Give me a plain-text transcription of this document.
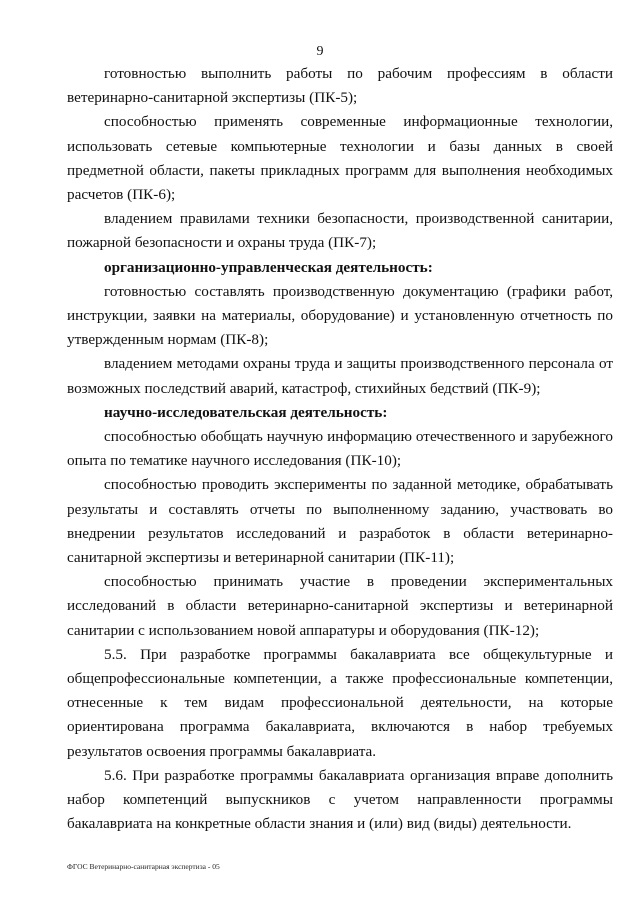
9

готовностью выполнить работы по рабочим профессиям в области ветеринарно-санитарной экспертизы (ПК-5);

способностью применять современные информационные технологии, использовать сетевые компьютерные технологии и базы данных в своей предметной области, пакеты прикладных программ для выполнения необходимых расчетов (ПК-6);

владением правилами техники безопасности, производственной санитарии, пожарной безопасности и охраны труда (ПК-7);

организационно-управленческая деятельность:

готовностью составлять производственную документацию (графики работ, инструкции, заявки на материалы, оборудование) и установленную отчетность по утвержденным нормам (ПК-8);

владением методами охраны труда и защиты производственного персонала от возможных последствий аварий, катастроф, стихийных бедствий (ПК-9);

научно-исследовательская деятельность:

способностью обобщать научную информацию отечественного и зарубежного опыта по тематике научного исследования (ПК-10);

способностью проводить эксперименты по заданной методике, обрабатывать результаты и составлять отчеты по выполненному заданию, участвовать во внедрении результатов исследований и разработок в области ветеринарно-санитарной экспертизы и ветеринарной санитарии (ПК-11);

способностью принимать участие в проведении экспериментальных исследований в области ветеринарно-санитарной экспертизы и ветеринарной санитарии с использованием новой аппаратуры и оборудования (ПК-12);

5.5. При разработке программы бакалавриата все общекультурные и общепрофессиональные компетенции, а также профессиональные компетенции, отнесенные к тем видам профессиональной деятельности, на которые ориентирована программа бакалавриата, включаются в набор требуемых результатов освоения программы бакалавриата.

5.6. При разработке программы бакалавриата организация вправе дополнить набор компетенций выпускников с учетом направленности программы бакалавриата на конкретные области знания и (или) вид (виды) деятельности.

ФГОС Ветеринарно-санитарная экспертиза - 05
